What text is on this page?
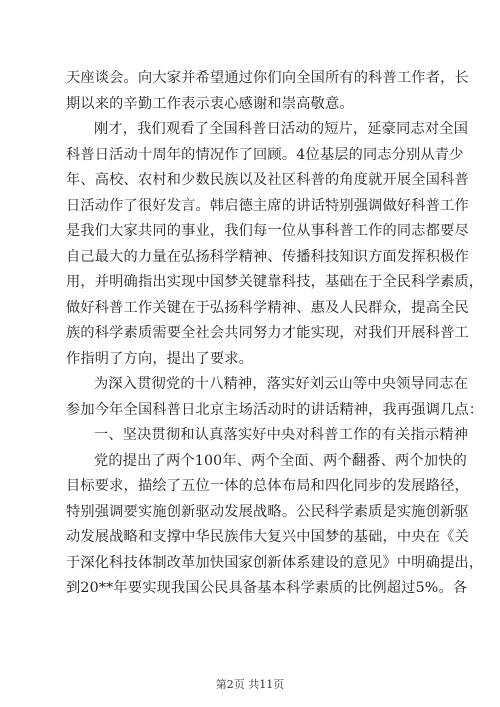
天座谈会。向大家并希望通过你们向全国所有的科普工作者，长
期以来的辛勤工作表示衷心感谢和崇高敬意。
刚才，我们观看了全国科普日活动的短片，延豪同志对全国
科普日活动十周年的情况作了回顾。4位基层的同志分别从青少
年、高校、农村和少数民族以及社区科普的角度就开展全国科普
日活动作了很好发言。韩启德主席的讲话特别强调做好科普工作
是我们大家共同的事业，我们每一位从事科普工作的同志都要尽
自己最大的力量在弘扬科学精神、传播科技知识方面发挥积极作
用，并明确指出实现中国梦关键靠科技，基础在于全民科学素质，
做好科普工作关键在于弘扬科学精神、惠及人民群众，提高全民
族的科学素质需要全社会共同努力才能实现，对我们开展科普工
作指明了方向，提出了要求。
为深入贯彻党的十八精神，落实好刘云山等中央领导同志在
参加今年全国科普日北京主场活动时的讲话精神，我再强调几点：
一、坚决贯彻和认真落实好中央对科普工作的有关指示精神
党的提出了两个100年、两个全面、两个翻番、两个加快的
目标要求，描绘了五位一体的总体布局和四化同步的发展路径，
特别强调要实施创新驱动发展战略。公民科学素质是实施创新驱
动发展战略和支撑中华民族伟大复兴中国梦的基础，中央在《关
于深化科技体制改革加快国家创新体系建设的意见》中明确提出，
到20**年要实现我国公民具备基本科学素质的比例超过5%。各
第2页 共11页
